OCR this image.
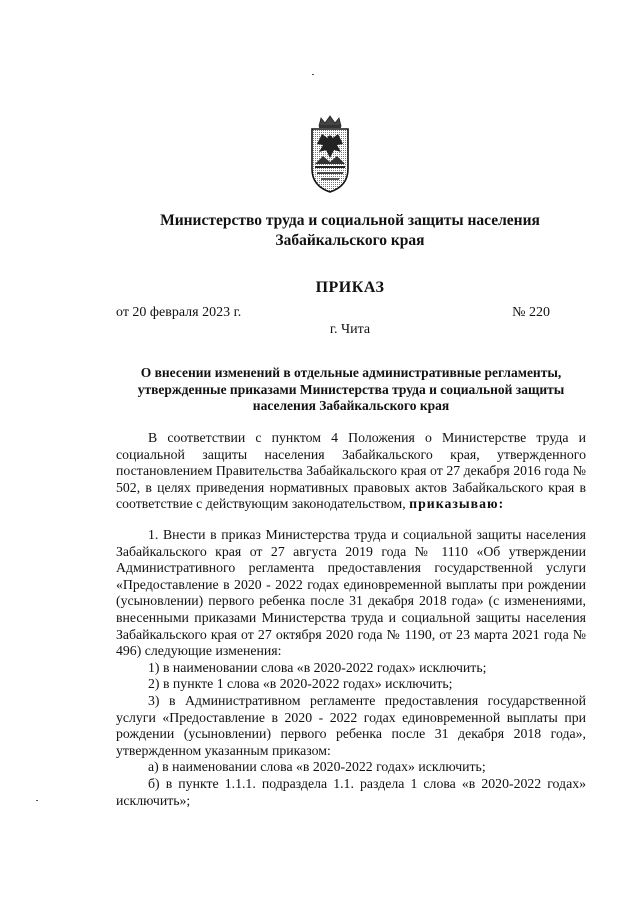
Министерство труда и социальной защиты населения
Забайкальского края
ПРИКАЗ
от 20 февраля 2023 г.	№ 220
г. Чита
О внесении изменений в отдельные административные регламенты,
утвержденные приказами Министерства труда и социальной защиты
населения Забайкальского края

В соответствии с пунктом 4 Положения о Министерстве труда и социальной защиты населения Забайкальского края, утвержденного постановлением Правительства Забайкальского края от 27 декабря 2016 года № 502, в целях приведения нормативных правовых актов Забайкальского края в соответствие с действующим законодательством, приказываю:

1. Внести в приказ Министерства труда и социальной защиты населения Забайкальского края от 27 августа 2019 года № 1110 «Об утверждении Административного регламента предоставления государственной услуги «Предоставление в 2020 - 2022 годах единовременной выплаты при рождении (усыновлении) первого ребенка после 31 декабря 2018 года» (с изменениями, внесенными приказами Министерства труда и социальной защиты населения Забайкальского края от 27 октября 2020 года № 1190, от 23 марта 2021 года № 496) следующие изменения:

1) в наименовании слова «в 2020-2022 годах» исключить;

2) в пункте 1 слова «в 2020-2022 годах» исключить;

3) в Административном регламенте предоставления государственной услуги «Предоставление в 2020 - 2022 годах единовременной выплаты при рождении (усыновлении) первого ребенка после 31 декабря 2018 года», утвержденном указанным приказом:

а) в наименовании слова «в 2020-2022 годах» исключить;

б) в пункте 1.1.1. подраздела 1.1. раздела 1 слова «в 2020-2022 годах» исключить»;
